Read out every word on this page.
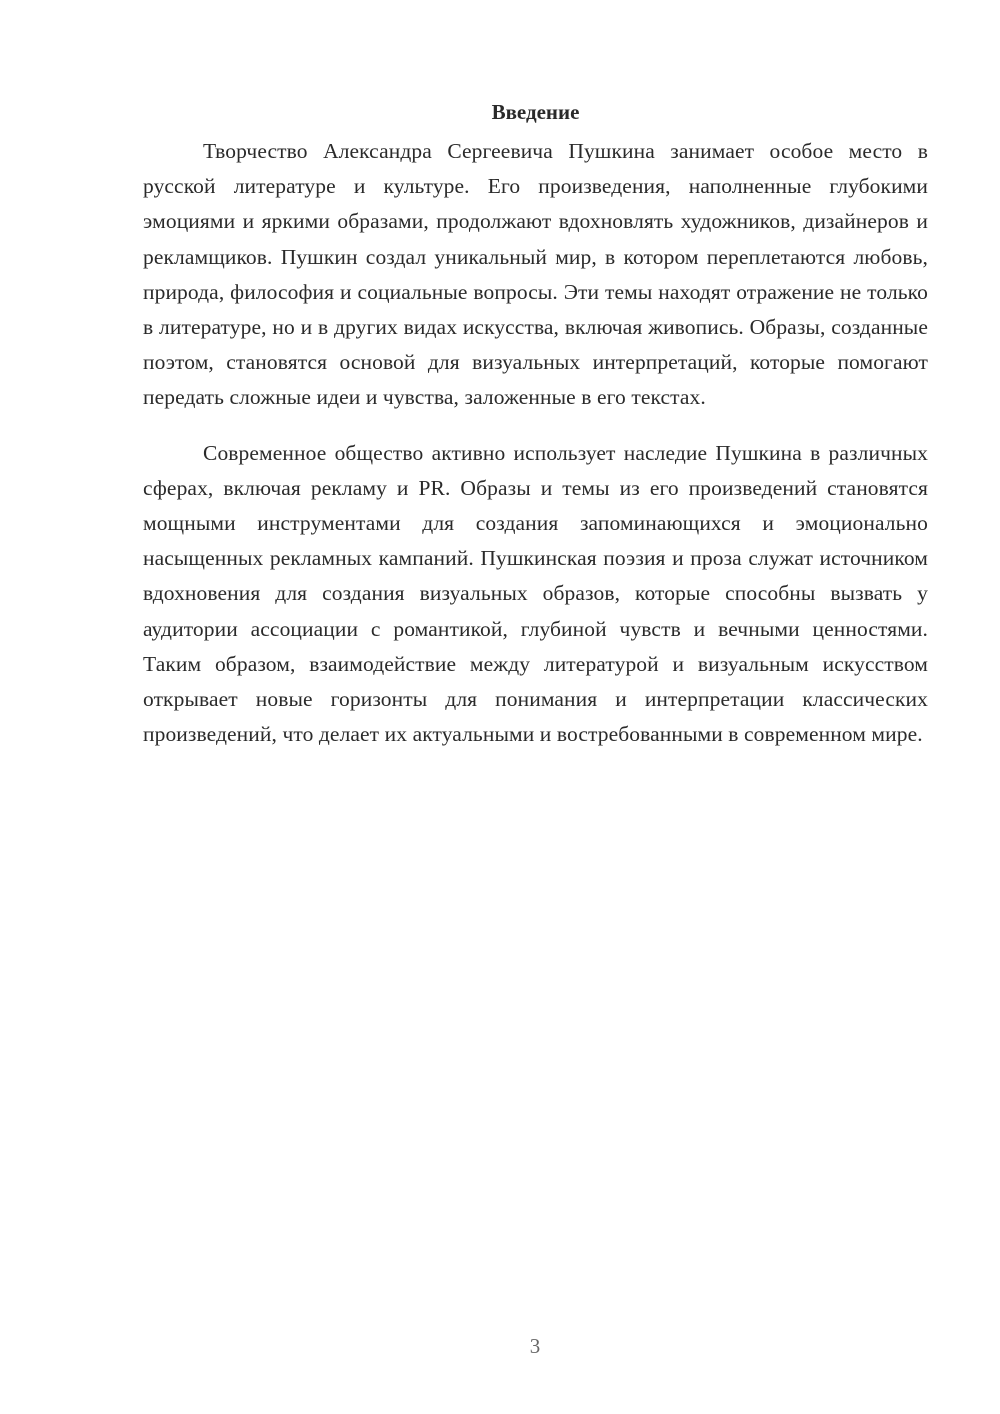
Введение

Творчество Александра Сергеевича Пушкина занимает особое место в русской литературе и культуре. Его произведения, наполненные глубокими эмоциями и яркими образами, продолжают вдохновлять художников, дизайнеров и рекламщиков. Пушкин создал уникальный мир, в котором переплетаются любовь, природа, философия и социальные вопросы. Эти темы находят отражение не только в литературе, но и в других видах искусства, включая живопись. Образы, созданные поэтом, становятся основой для визуальных интерпретаций, которые помогают передать сложные идеи и чувства, заложенные в его текстах.

Современное общество активно использует наследие Пушкина в различных сферах, включая рекламу и PR. Образы и темы из его произведений становятся мощными инструментами для создания запоминающихся и эмоционально насыщенных рекламных кампаний. Пушкинская поэзия и проза служат источником вдохновения для создания визуальных образов, которые способны вызвать у аудитории ассоциации с романтикой, глубиной чувств и вечными ценностями. Таким образом, взаимодействие между литературой и визуальным искусством открывает новые горизонты для понимания и интерпретации классических произведений, что делает их актуальными и востребованными в современном мире.

3
